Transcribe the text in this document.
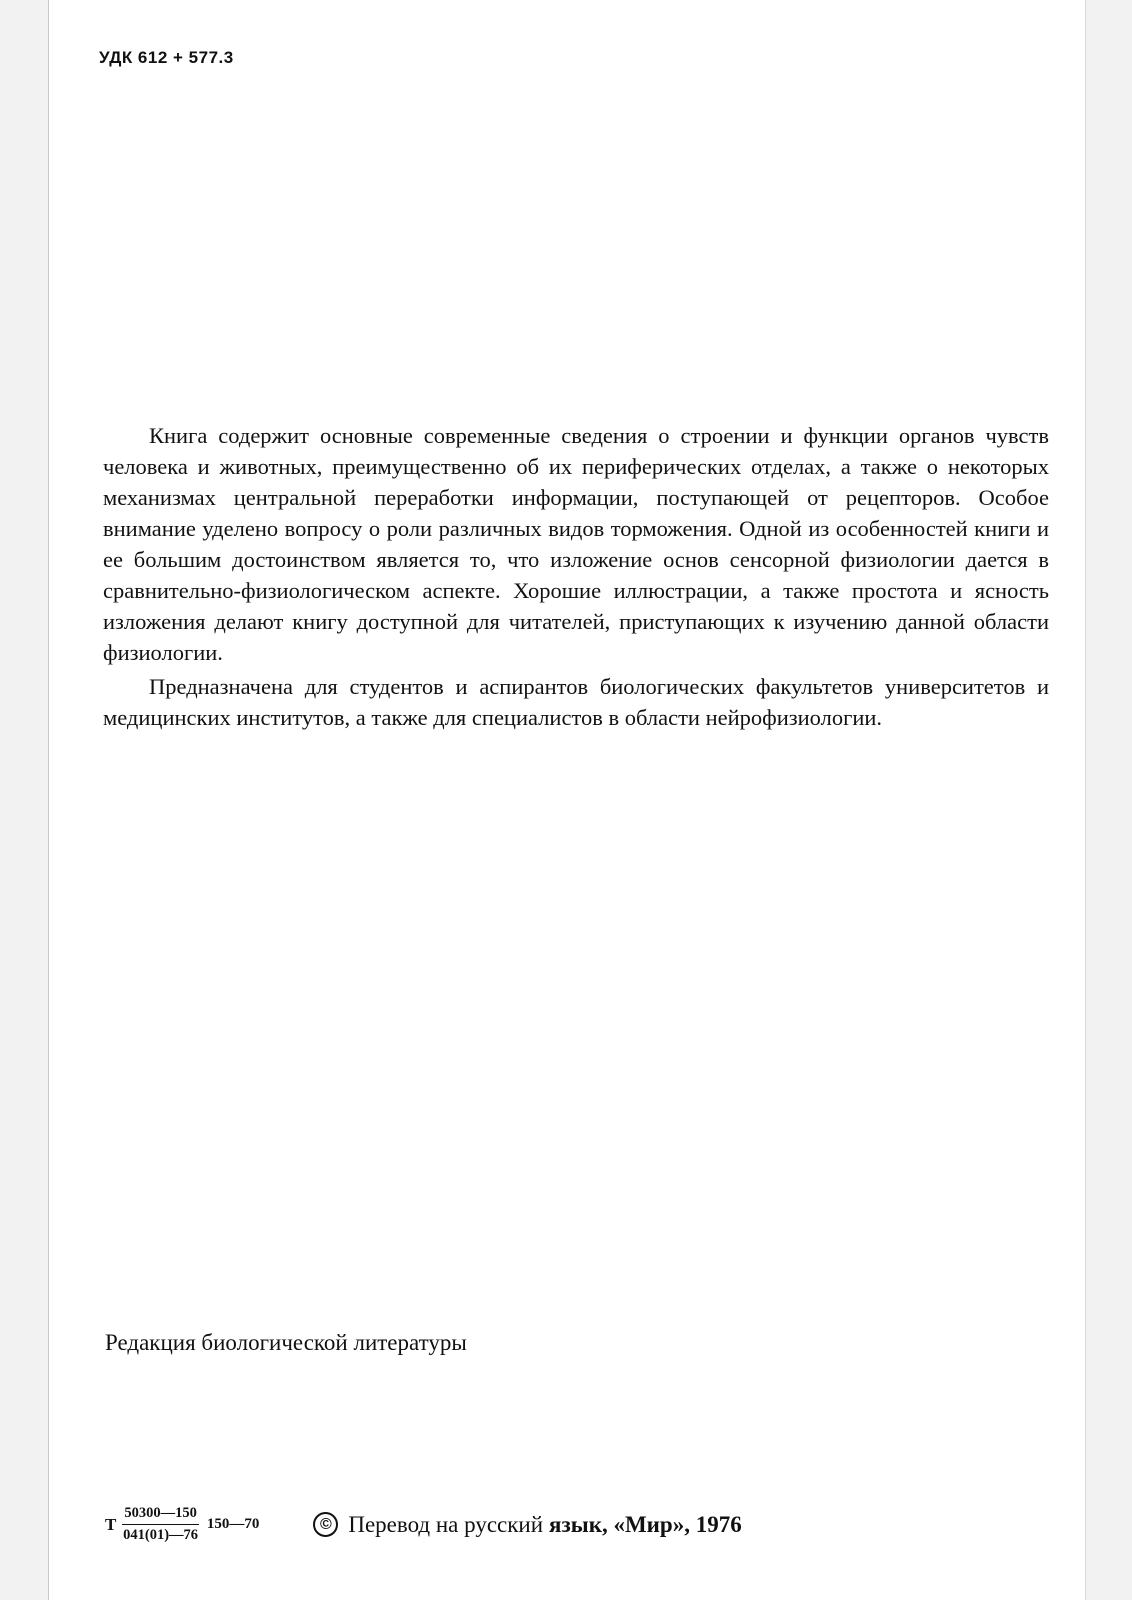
УДК 612 + 577.3

Книга содержит основные современные сведения о строении и функции органов чувств человека и животных, преимущественно об их периферических отделах, а также о некоторых механизмах центральной переработки информации, поступающей от рецепторов. Особое внимание уделено вопросу о роли различных видов торможения. Одной из особенностей книги и ее большим достоинством является то, что изложение основ сенсорной физиологии дается в сравнительно-физиологическом аспекте. Хорошие иллюстрации, а также простота и ясность изложения делают книгу доступной для читателей, приступающих к изучению данной области физиологии.

Предназначена для студентов и аспирантов биологических факультетов университетов и медицинских институтов, а также для специалистов в области нейрофизиологии.

Редакция биологической литературы
Т $\frac{50300—150}{041(01)—76}$ 150—70	© Перевод на русский язык, «Мир», 1976
